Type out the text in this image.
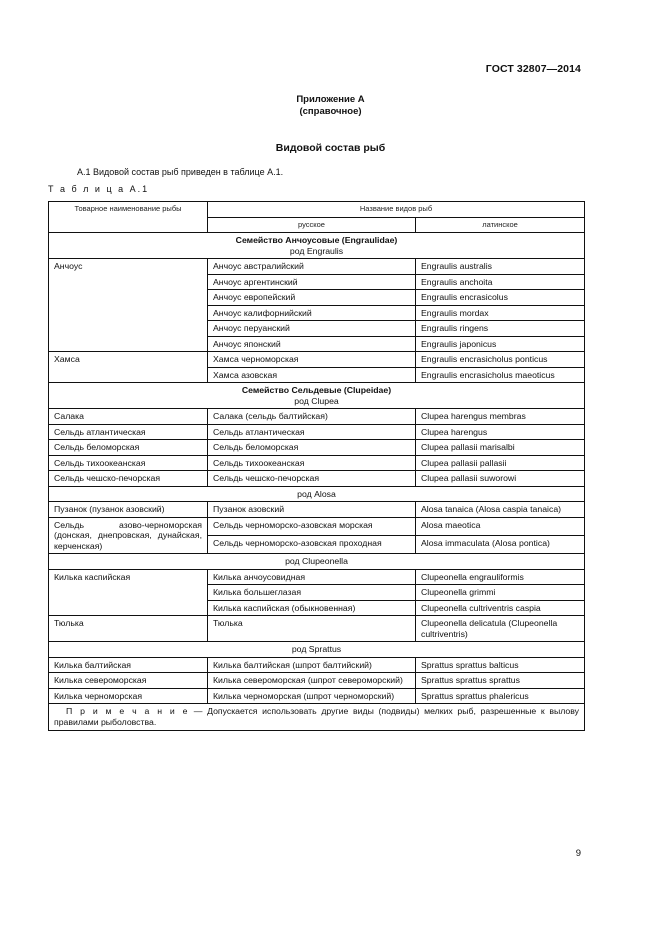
ГОСТ 32807—2014
Приложение А
(справочное)
Видовой состав рыб
А.1 Видовой состав рыб приведен в таблице А.1.
Т а б л и ц а А.1
Товарное наименование рыбы	Название видов рыб	
	русское	латинское

Семейство Анчоусовые (Engraulidae)
род Engraulis		

Анчоус	Анчоус австралийский	Engraulis australis
	Анчоус аргентинский	Engraulis anchoita
	Анчоус европейский	Engraulis encrasicolus
	Анчоус калифорнийский	Engraulis mordax
	Анчоус перуанский	Engraulis ringens
	Анчоус японский	Engraulis japonicus
Хамса	Хамса черноморская	Engraulis encrasicholus ponticus
	Хамса азовская	Engraulis encrasicholus maeoticus

Семейство Сельдевые (Clupeidae)
род Clupea		

Салака	Салака (сельдь балтийская)	Clupea harengus membras
Сельдь атлантическая	Сельдь атлантическая	Clupea harengus
Сельдь беломорская	Сельдь беломорская	Clupea pallasii marisalbi
Сельдь тихоокеанская	Сельдь тихоокеанская	Clupea pallasii pallasii
Сельдь чешско-печорская	Сельдь чешско-печорская	Clupea pallasii suworowi

род Alosa		

Пузанок (пузанок азовский)	Пузанок азовский	Alosa tanaica (Alosa caspia tanaica)
Сельдь азово-черноморская (донская, днепровская, дунайская, керченская)	Сельдь черноморско-азовская морская	Alosa maeotica
	Сельдь черноморско-азовская проходная	Alosa immaculata (Alosa pontica)

род Clupeonella		

Килька каспийская	Килька анчоусовидная	Clupeonella engrauliformis
	Килька большеглазая	Clupeonella grimmi
	Килька каспийская (обыкновенная)	Clupeonella cultriventris caspia
Тюлька	Тюлька	Clupeonella delicatula (Clupeonella cultriventris)

род Sprattus		

Килька балтийская	Килька балтийская (шпрот балтийский)	Sprattus sprattus balticus
Килька североморская	Килька североморская (шпрот североморский)	Sprattus sprattus sprattus
Килька черноморская	Килька черноморская (шпрот черноморский)	Sprattus sprattus phalericus
П р и м е ч а н и е — Допускается использовать другие виды (подвиды) мелких рыб, разрешенные к вылову правилами рыболовства.		
9
